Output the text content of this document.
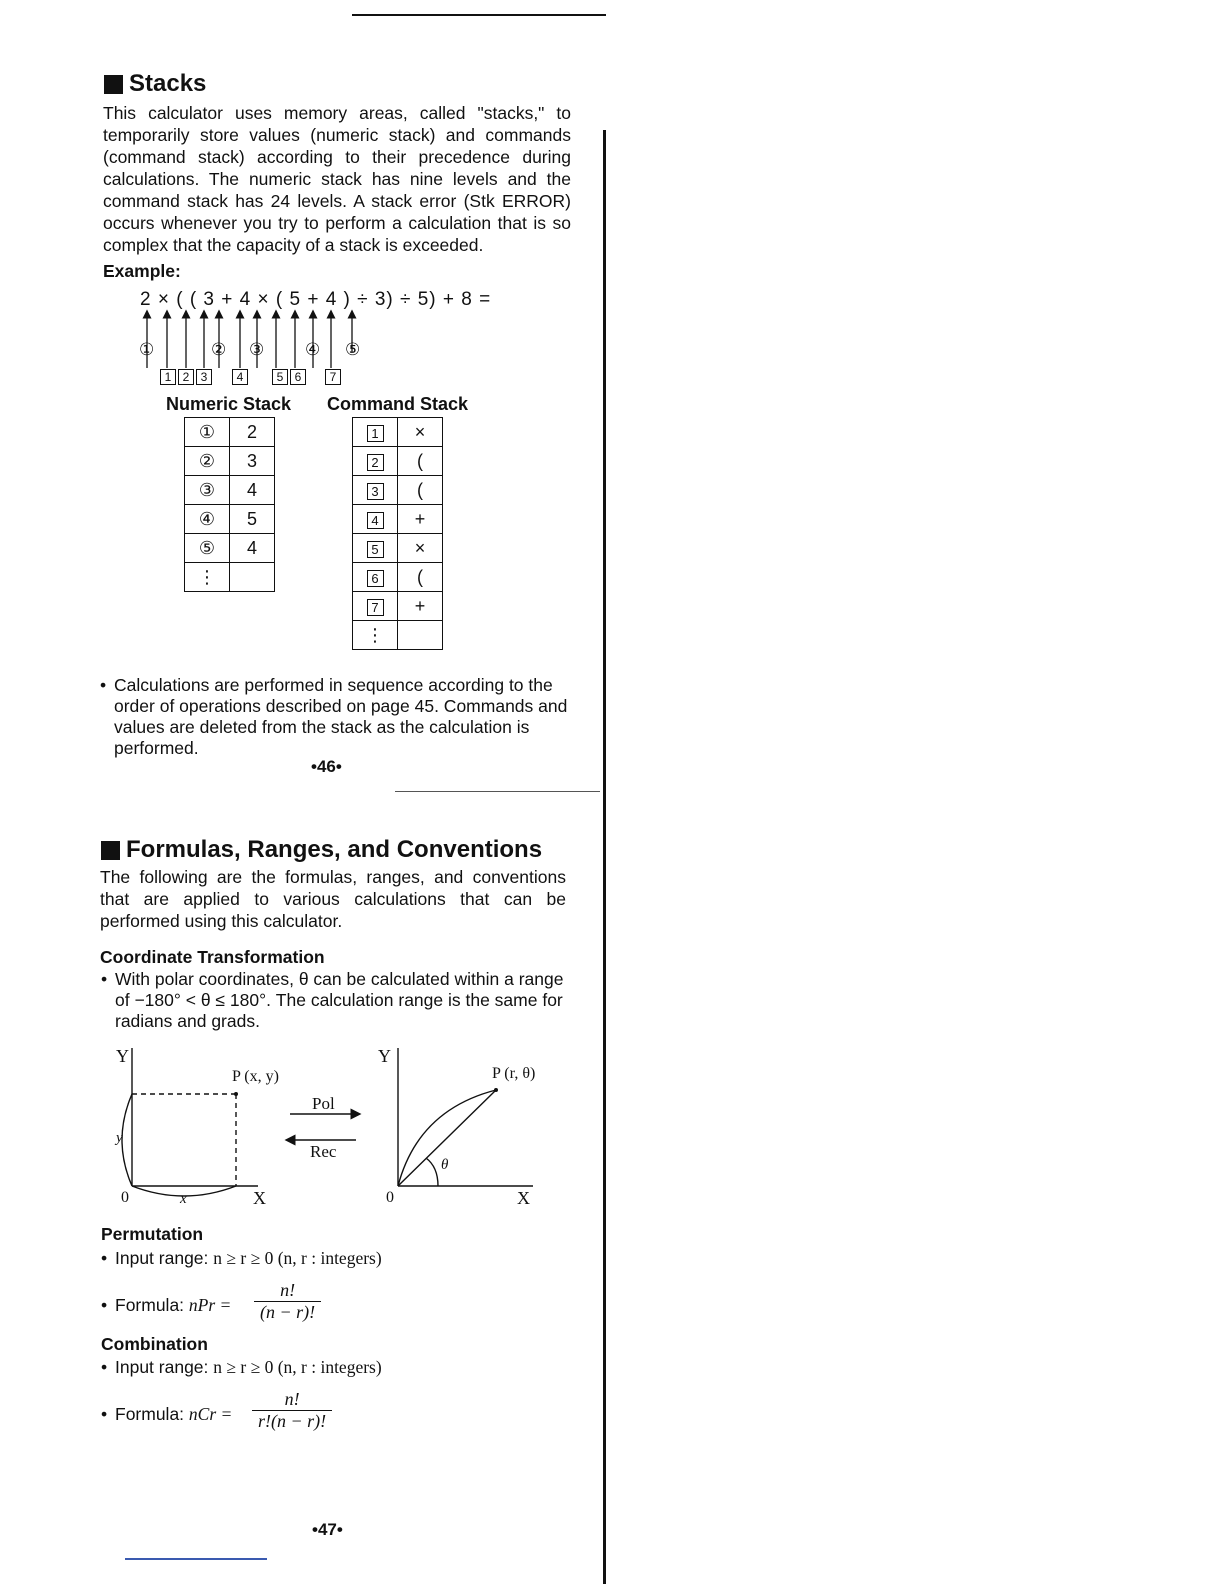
Stacks
This calculator uses memory areas, called "stacks," to temporarily store values (numeric stack) and commands (command stack) according to their precedence during calculations. The numeric stack has nine levels and the command stack has 24 levels. A stack error (Stk ERROR) occurs whenever you try to perform a calculation that is so complex that the capacity of a stack is exceeded.
Example:
2 × ( ( 3 + 4 × ( 5 + 4 ) ÷ 3) ÷ 5) + 8 =
①	② ③ ④ ⑤
1 2 3	4	5 6	7
Numeric Stack Command Stack
①	2
②	3
③	4
④	5
⑤	4
⋮	
1	×
2	(
3	(
4	+
5	×
6	(
7	+
⋮	
• Calculations are performed in sequence according to the order of operations described on page 45. Commands and values are deleted from the stack as the calculation is performed.
•46•
Formulas, Ranges, and Conventions
The following are the formulas, ranges, and conventions that are applied to various calculations that can be performed using this calculator.
Coordinate Transformation
• With polar coordinates, θ can be calculated within a range of −180° < θ ≤ 180°. The calculation range is the same for radians and grads.
Y
P (x, y)
y
0	x	X
Pol
Rec
Y
P (r, θ)
θ
0	X
Permutation
• Input range: n ≥ r ≥ 0 (n, r : integers)
• Formula: nPr = $\frac{n!}{(n - r)!}$
Combination
• Input range: n ≥ r ≥ 0 (n, r : integers)
• Formula: nCr = $\frac{n!}{r!(n - r)!}$
•47•
